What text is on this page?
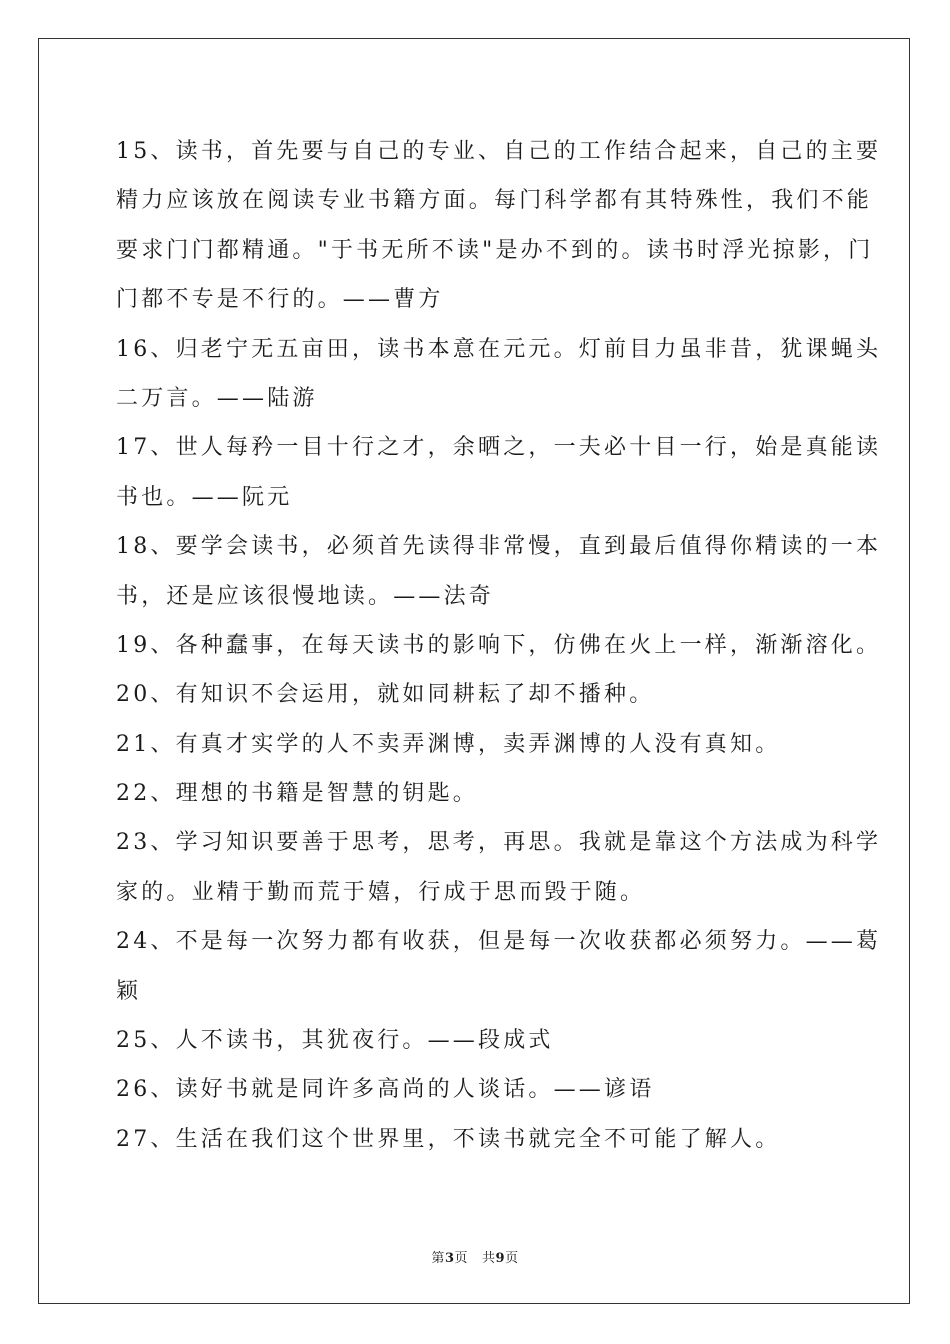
15、读书，首先要与自己的专业、自己的工作结合起来，自己的主要
精力应该放在阅读专业书籍方面。每门科学都有其特殊性，我们不能
要求门门都精通。"于书无所不读"是办不到的。读书时浮光掠影，门
门都不专是不行的。——曹方
16、归老宁无五亩田，读书本意在元元。灯前目力虽非昔，犹课蝇头
二万言。——陆游
17、世人每矜一目十行之才，余晒之，一夫必十目一行，始是真能读
书也。——阮元
18、要学会读书，必须首先读得非常慢，直到最后值得你精读的一本
书，还是应该很慢地读。——法奇
19、各种蠢事，在每天读书的影响下，仿佛在火上一样，渐渐溶化。
20、有知识不会运用，就如同耕耘了却不播种。
21、有真才实学的人不卖弄渊博，卖弄渊博的人没有真知。
22、理想的书籍是智慧的钥匙。
23、学习知识要善于思考，思考，再思。我就是靠这个方法成为科学
家的。业精于勤而荒于嬉，行成于思而毁于随。
24、不是每一次努力都有收获，但是每一次收获都必须努力。——葛
颖
25、人不读书，其犹夜行。——段成式
26、读好书就是同许多高尚的人谈话。——谚语
27、生活在我们这个世界里，不读书就完全不可能了解人。
第3页 共9页
